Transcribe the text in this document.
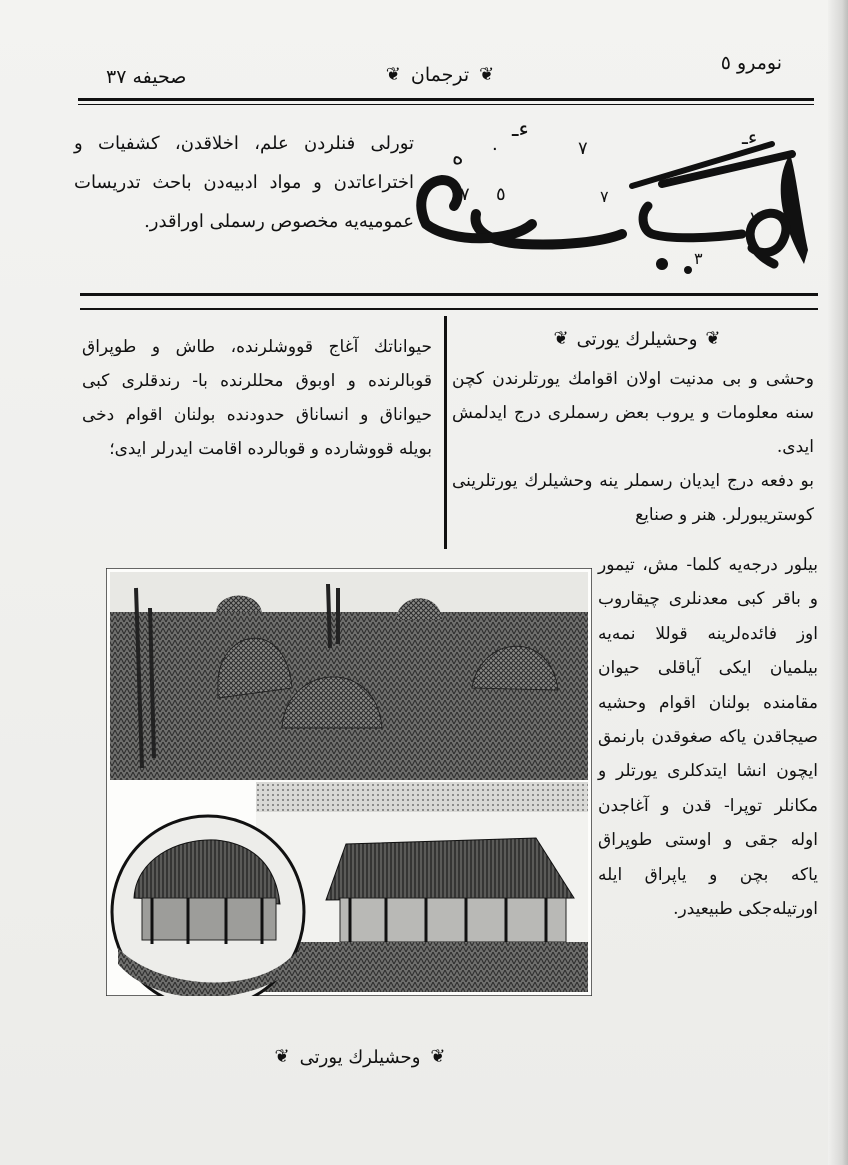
نومرو ٥
صحيفه ٣٧	❦ ترجمان ❦
ه ٠
ءـ	ءـ
٧
٥
٧	٧
٧
٣
تورلى فنلردن علم، اخلاقدن، كشفيات و اختراعاتدن و مواد ادبيه‌دن باحث تدريسات عموميه‌يه مخصوص رسملى اوراقدر.
❦ وحشيلرك يورتى ❦

وحشى و بى مدنيت اولان اقوامك يورتلرندن كچن سنه معلومات و يروب بعض رسملرى درج ايدلمش ايدى.

بو دفعه درج ايديان رسملر ينه وحشيلرك يورتلرينى كوستريبورلر. هنر و صنايع

حيواناتك آغاج قووشلرنده، طاش و طوپراق قوبالرنده و اوبوق محللرنده با- رندقلرى كبى حيواناق و انساناق حدودنده بولنان اقوام دخى بويله قووشارده و قوبالرده اقامت ايدرلر ايدى؛
بيلور درجه‌يه كلما- مش، تيمور و باقر كبى معدنلرى چيقاروب اوز فائده‌لرينه قوللا نمه‌يه بيلميان ايكى آياقلى حيوان مقامنده بولنان اقوام وحشيه صيجاقدن ياكه صغوقدن بارنمق ايچون انشا ايتدكلرى يورتلر و مكانلر توپرا- قدن و آغاجدن اوله جقى و اوستى طوپراق ياكه بچن و ياپراق ايله اورتيله‌جكى طبيعيدر.
❦ وحشيلرك يورتى ❦
